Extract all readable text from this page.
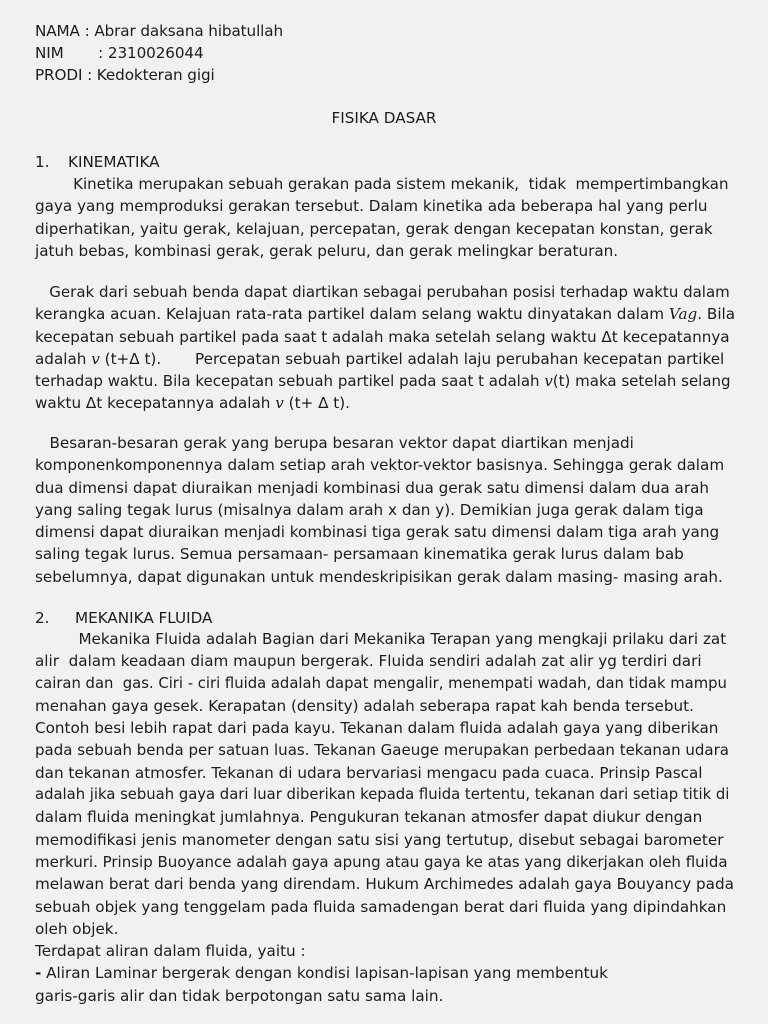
NAMA : Abrar daksana hibatullah
NIM   : 2310026044
PRODI : Kedokteran gigi
FISIKA DASAR
1. KINEMATIKA
Kinetika merupakan sebuah gerakan pada sistem mekanik,  tidak  mempertimbangkan
gaya yang memproduksi gerakan tersebut. Dalam kinetika ada beberapa hal yang perlu
diperhatikan, yaitu gerak, kelajuan, percepatan, gerak dengan kecepatan konstan, gerak
jatuh bebas, kombinasi gerak, gerak peluru, dan gerak melingkar beraturan.
Gerak dari sebuah benda dapat diartikan sebagai perubahan posisi terhadap waktu dalam
kerangka acuan. Kelajuan rata-rata partikel dalam selang waktu dinyatakan dalam Vag. Bila
kecepatan sebuah partikel pada saat t adalah maka setelah selang waktu Δt kecepatannya
adalah v (t+Δ t).       Percepatan sebuah partikel adalah laju perubahan kecepatan partikel
terhadap waktu. Bila kecepatan sebuah partikel pada saat t adalah v(t) maka setelah selang
waktu Δt kecepatannya adalah v (t+ Δ t).
Besaran-besaran gerak yang berupa besaran vektor dapat diartikan menjadi
komponenkomponennya dalam setiap arah vektor-vektor basisnya. Sehingga gerak dalam
dua dimensi dapat diuraikan menjadi kombinasi dua gerak satu dimensi dalam dua arah
yang saling tegak lurus (misalnya dalam arah x dan y). Demikian juga gerak dalam tiga
dimensi dapat diuraikan menjadi kombinasi tiga gerak satu dimensi dalam tiga arah yang
saling tegak lurus. Semua persamaan- persamaan kinematika gerak lurus dalam bab
sebelumnya, dapat digunakan untuk mendeskripisikan gerak dalam masing- masing arah.
2. MEKANIKA FLUIDA
Mekanika Fluida adalah Bagian dari Mekanika Terapan yang mengkaji prilaku dari zat
alir  dalam keadaan diam maupun bergerak. Fluida sendiri adalah zat alir yg terdiri dari
cairan dan  gas. Ciri - ciri fluida adalah dapat mengalir, menempati wadah, dan tidak mampu
menahan gaya gesek. Kerapatan (density) adalah seberapa rapat kah benda tersebut.
Contoh besi lebih rapat dari pada kayu. Tekanan dalam fluida adalah gaya yang diberikan
pada sebuah benda per satuan luas. Tekanan Gaeuge merupakan perbedaan tekanan udara
dan tekanan atmosfer. Tekanan di udara bervariasi mengacu pada cuaca. Prinsip Pascal
adalah jika sebuah gaya dari luar diberikan kepada fluida tertentu, tekanan dari setiap titik di
dalam fluida meningkat jumlahnya. Pengukuran tekanan atmosfer dapat diukur dengan
memodifikasi jenis manometer dengan satu sisi yang tertutup, disebut sebagai barometer
merkuri. Prinsip Buoyance adalah gaya apung atau gaya ke atas yang dikerjakan oleh fluida
melawan berat dari benda yang direndam. Hukum Archimedes adalah gaya Bouyancy pada
sebuah objek yang tenggelam pada fluida samadengan berat dari fluida yang dipindahkan
oleh objek.
Terdapat aliran dalam fluida, yaitu :
- Aliran Laminar bergerak dengan kondisi lapisan-lapisan yang membentuk
garis-garis alir dan tidak berpotongan satu sama lain.
